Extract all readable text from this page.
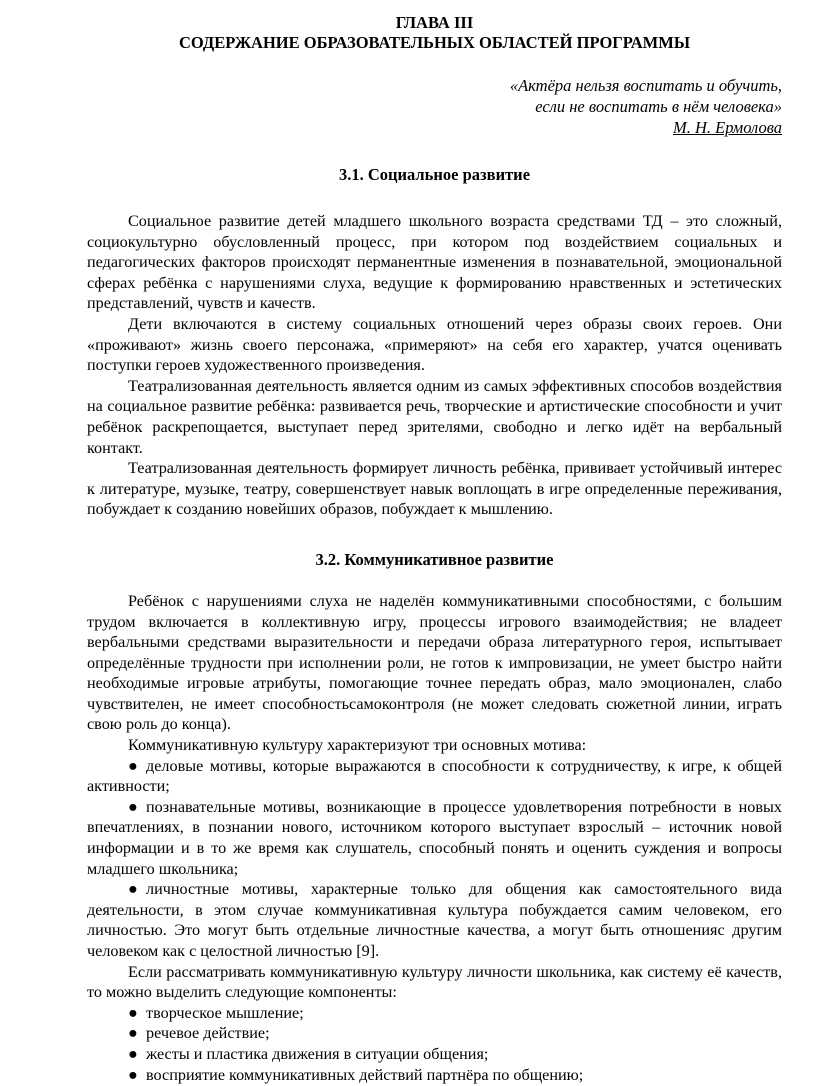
ГЛАВА III
СОДЕРЖАНИЕ ОБРАЗОВАТЕЛЬНЫХ ОБЛАСТЕЙ ПРОГРАММЫ
«Актёра нельзя воспитать и обучить,
если не воспитать в нём человека»
М. Н. Ермолова
3.1. Социальное развитие

Социальное развитие детей младшего школьного возраста средствами ТД – это сложный, социокультурно обусловленный процесс, при котором под воздействием социальных и педагогических факторов происходят перманентные изменения в познавательной, эмоциональной сферах ребёнка с нарушениями слуха, ведущие к формированию нравственных и эстетических представлений, чувств и качеств.

Дети включаются в систему социальных отношений через образы своих героев. Они «проживают» жизнь своего персонажа, «примеряют» на себя его характер, учатся оценивать поступки героев художественного произведения.

Театрализованная деятельность является одним из самых эффективных способов воздействия на социальное развитие ребёнка: развивается речь, творческие и артистические способности и учит ребёнок раскрепощается, выступает перед зрителями, свободно и легко идёт на вербальный контакт.

Театрализованная деятельность формирует личность ребёнка, прививает устойчивый интерес к литературе, музыке, театру, совершенствует навык воплощать в игре определенные переживания, побуждает к созданию новейших образов, побуждает к мышлению.

3.2. Коммуникативное развитие

Ребёнок с нарушениями слуха не наделён коммуникативными способностями, с большим трудом включается в коллективную игру, процессы игрового взаимодействия; не владеет вербальными средствами выразительности и передачи образа литературного героя, испытывает определённые трудности при исполнении роли, не готов к импровизации, не умеет быстро найти необходимые игровые атрибуты, помогающие точнее передать образ, мало эмоционален, слабо чувствителен, не имеет способностьсамоконтроля (не может следовать сюжетной линии, играть свою роль до конца).

Коммуникативную культуру характеризуют три основных мотива:

● деловые мотивы, которые выражаются в способности к сотрудничеству, к игре, к общей активности;

● познавательные мотивы, возникающие в процессе удовлетворения потребности в новых впечатлениях, в познании нового, источником которого выступает взрослый – источник новой информации и в то же время как слушатель, способный понять и оценить суждения и вопросы младшего школьника;

● личностные мотивы, характерные только для общения как самостоятельного вида деятельности, в этом случае коммуникативная культура побуждается самим человеком, его личностью. Это могут быть отдельные личностные качества, а могут быть отношенияс другим человеком как с целостной личностью [9].

Если рассматривать коммуникативную культуру личности школьника, как систему её качеств, то можно выделить следующие компоненты:

● творческое мышление;

● речевое действие;

● жесты и пластика движения в ситуации общения;

● восприятие коммуникативных действий партнёра по общению;
